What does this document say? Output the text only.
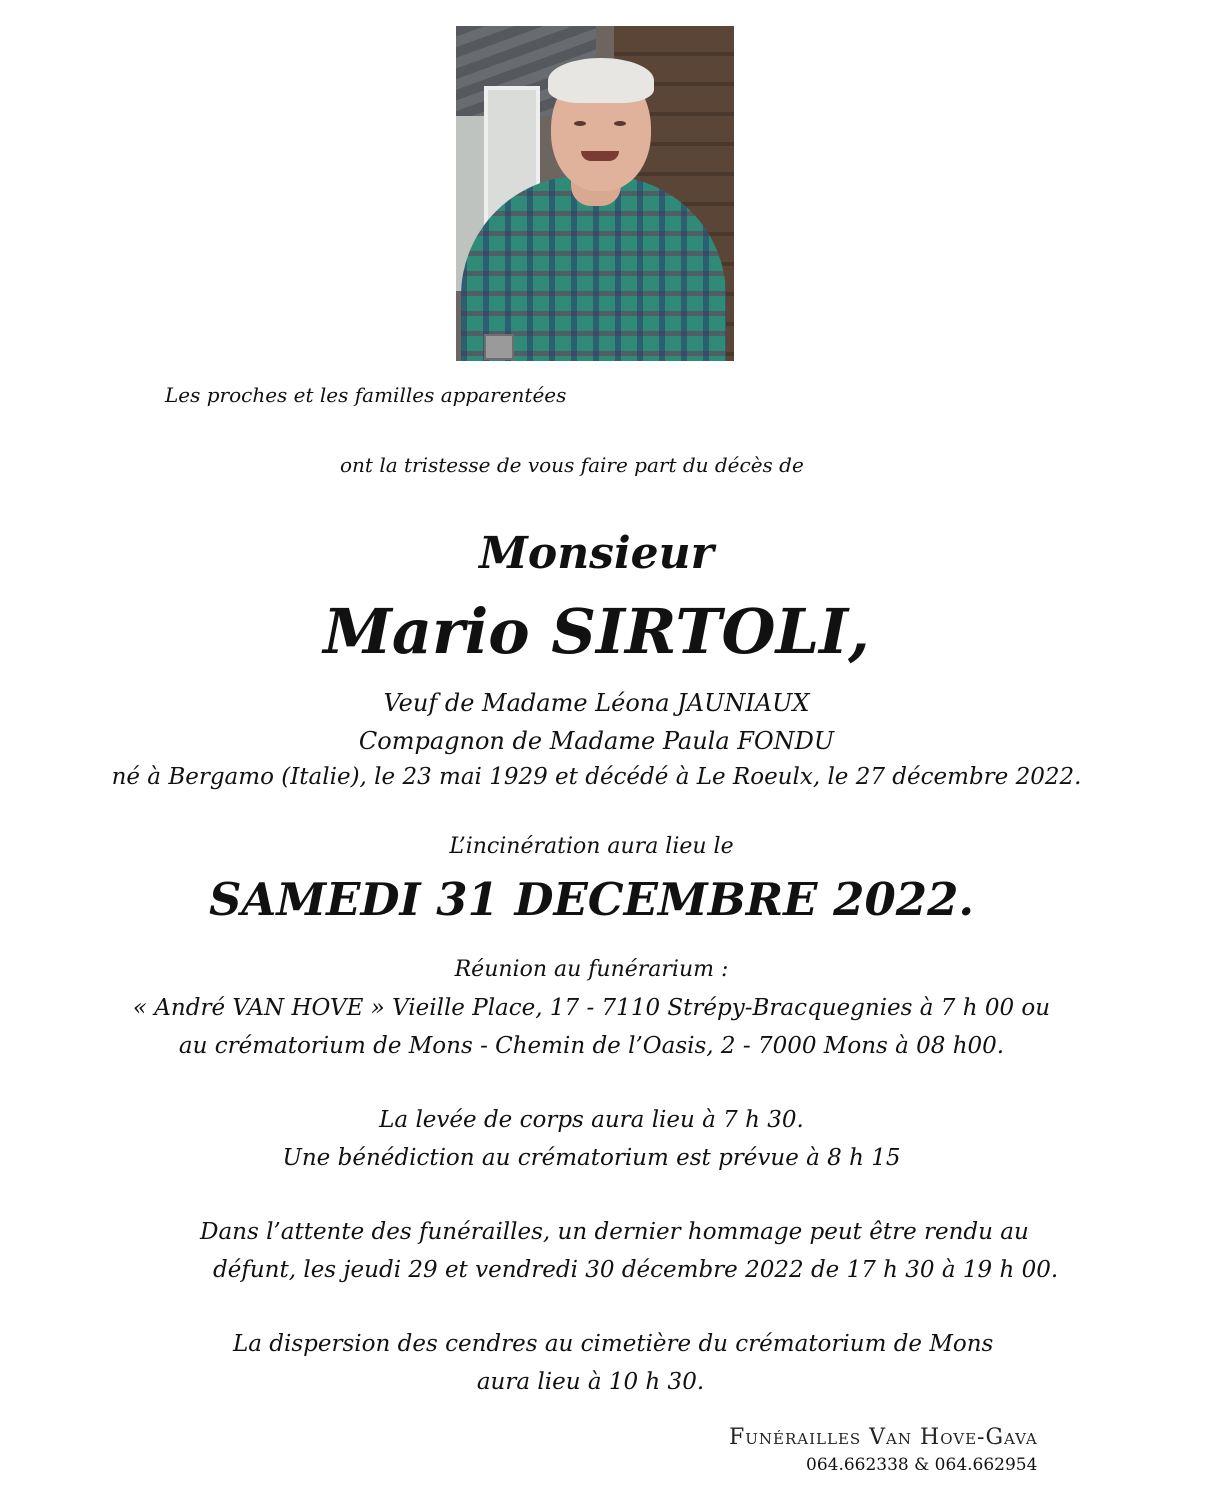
Les proches et les familles apparentées
ont la tristesse de vous faire part du décès de
Monsieur
Mario SIRTOLI,
Veuf de Madame Léona JAUNIAUX
Compagnon de Madame Paula FONDU
né à Bergamo (Italie), le 23 mai 1929 et décédé à Le Roeulx, le 27 décembre 2022.
L’incinération aura lieu le
SAMEDI 31 DECEMBRE 2022.
Réunion au funérarium :
« André VAN HOVE » Vieille Place, 17 - 7110 Strépy-Bracquegnies à 7 h 00 ou
au crématorium de Mons - Chemin de l’Oasis, 2 - 7000 Mons à 08 h00.
La levée de corps aura lieu à 7 h 30.
Une bénédiction au crématorium est prévue à 8 h 15
Dans l’attente des funérailles, un dernier hommage peut être rendu au
défunt, les jeudi 29 et vendredi 30 décembre 2022 de 17 h 30 à 19 h 00.
La dispersion des cendres au cimetière du crématorium de Mons
aura lieu à 10 h 30.
Funérailles Van Hove-Gava
064.662338 & 064.662954
